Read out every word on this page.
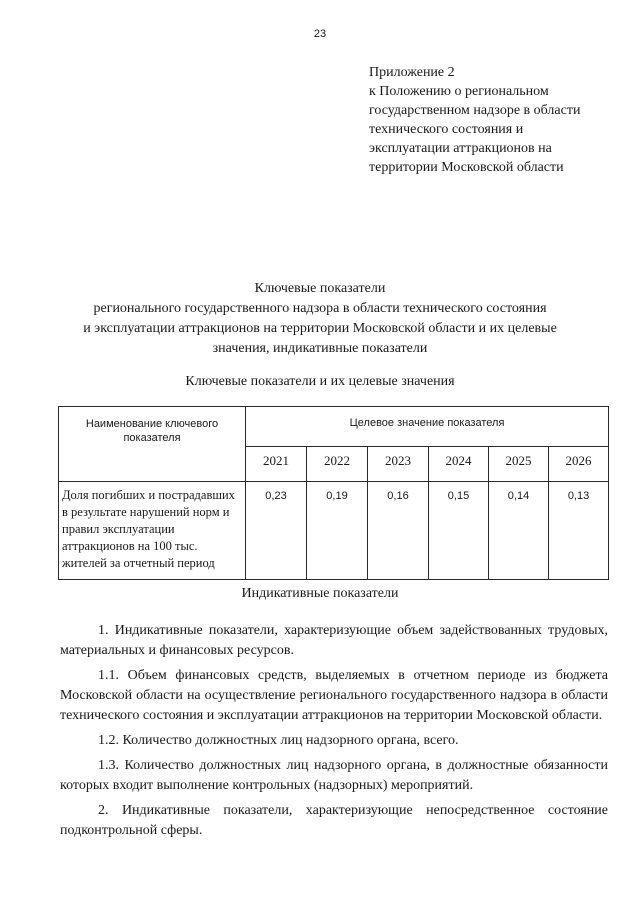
23
Приложение 2
к Положению о региональном
государственном надзоре в области
технического состояния и
эксплуатации аттракционов на
территории Московской области
Ключевые показатели
регионального государственного надзора в области технического состояния
и эксплуатации аттракционов на территории Московской области и их целевые
значения, индикативные показатели
Ключевые показатели и их целевые значения
Наименование ключевого показателя	Целевое значение показателя					
	2021	2022	2023	2024	2025	2026
Доля погибших и пострадавших в результате нарушений норм и правил эксплуатации аттракционов на 100 тыс. жителей за отчетный период	0,23	0,19	0,16	0,15	0,14	0,13
Индикативные показатели

1. Индикативные показатели, характеризующие объем задействованных трудовых, материальных и финансовых ресурсов.

1.1. Объем финансовых средств, выделяемых в отчетном периоде из бюджета Московской области на осуществление регионального государственного надзора в области технического состояния и эксплуатации аттракционов на территории Московской области.

1.2. Количество должностных лиц надзорного органа, всего.

1.3. Количество должностных лиц надзорного органа, в должностные обязанности которых входит выполнение контрольных (надзорных) мероприятий.

2. Индикативные показатели, характеризующие непосредственное состояние подконтрольной сферы.
